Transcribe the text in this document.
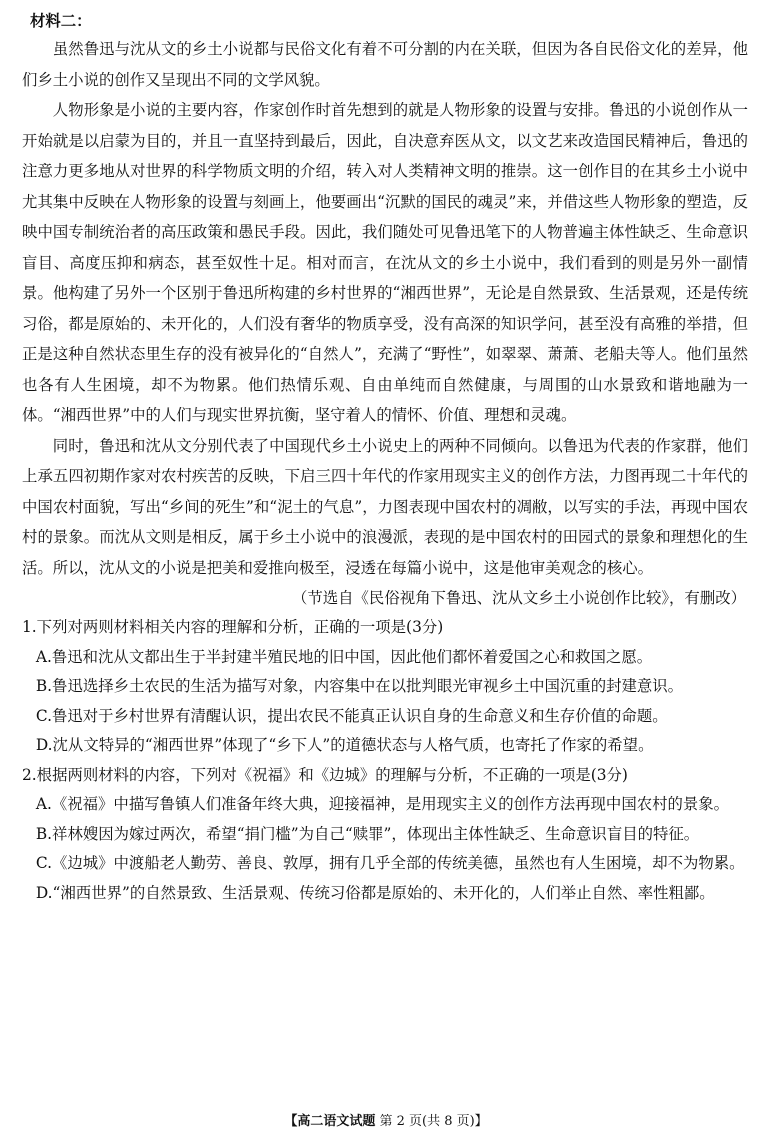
材料二：

虽然鲁迅与沈从文的乡土小说都与民俗文化有着不可分割的内在关联，但因为各自民俗文化的差异，他们乡土小说的创作又呈现出不同的文学风貌。

人物形象是小说的主要内容，作家创作时首先想到的就是人物形象的设置与安排。鲁迅的小说创作从一开始就是以启蒙为目的，并且一直坚持到最后，因此，自决意弃医从文，以文艺来改造国民精神后，鲁迅的注意力更多地从对世界的科学物质文明的介绍，转入对人类精神文明的推崇。这一创作目的在其乡土小说中尤其集中反映在人物形象的设置与刻画上，他要画出“沉默的国民的魂灵”来，并借这些人物形象的塑造，反映中国专制统治者的高压政策和愚民手段。因此，我们随处可见鲁迅笔下的人物普遍主体性缺乏、生命意识盲目、高度压抑和病态，甚至奴性十足。相对而言，在沈从文的乡土小说中，我们看到的则是另外一副情景。他构建了另外一个区别于鲁迅所构建的乡村世界的“湘西世界”，无论是自然景致、生活景观，还是传统习俗，都是原始的、未开化的，人们没有奢华的物质享受，没有高深的知识学问，甚至没有高雅的举措，但正是这种自然状态里生存的没有被异化的“自然人”，充满了“野性”，如翠翠、萧萧、老船夫等人。他们虽然也各有人生困境，却不为物累。他们热情乐观、自由单纯而自然健康，与周围的山水景致和谐地融为一体。“湘西世界”中的人们与现实世界抗衡，坚守着人的情怀、价值、理想和灵魂。

同时，鲁迅和沈从文分别代表了中国现代乡土小说史上的两种不同倾向。以鲁迅为代表的作家群，他们上承五四初期作家对农村疾苦的反映，下启三四十年代的作家用现实主义的创作方法，力图再现二十年代的中国农村面貌，写出“乡间的死生”和“泥土的气息”，力图表现中国农村的凋敝，以写实的手法，再现中国农村的景象。而沈从文则是相反，属于乡土小说中的浪漫派，表现的是中国农村的田园式的景象和理想化的生活。所以，沈从文的小说是把美和爱推向极至，浸透在每篇小说中，这是他审美观念的核心。

（节选自《民俗视角下鲁迅、沈从文乡土小说创作比较》，有删改）

1.下列对两则材料相关内容的理解和分析，正确的一项是(3分)

A.鲁迅和沈从文都出生于半封建半殖民地的旧中国，因此他们都怀着爱国之心和救国之愿。

B.鲁迅选择乡土农民的生活为描写对象，内容集中在以批判眼光审视乡土中国沉重的封建意识。

C.鲁迅对于乡村世界有清醒认识，提出农民不能真正认识自身的生命意义和生存价值的命题。

D.沈从文特异的“湘西世界”体现了“乡下人”的道德状态与人格气质，也寄托了作家的希望。

2.根据两则材料的内容，下列对《祝福》和《边城》的理解与分析，不正确的一项是(3分)

A.《祝福》中描写鲁镇人们准备年终大典，迎接福神，是用现实主义的创作方法再现中国农村的景象。

B.祥林嫂因为嫁过两次，希望“捐门槛”为自己“赎罪”，体现出主体性缺乏、生命意识盲目的特征。

C.《边城》中渡船老人勤劳、善良、敦厚，拥有几乎全部的传统美德，虽然也有人生困境，却不为物累。

D.“湘西世界”的自然景致、生活景观、传统习俗都是原始的、未开化的，人们举止自然、率性粗鄙。

【高二语文试题 第 2 页(共 8 页)】
